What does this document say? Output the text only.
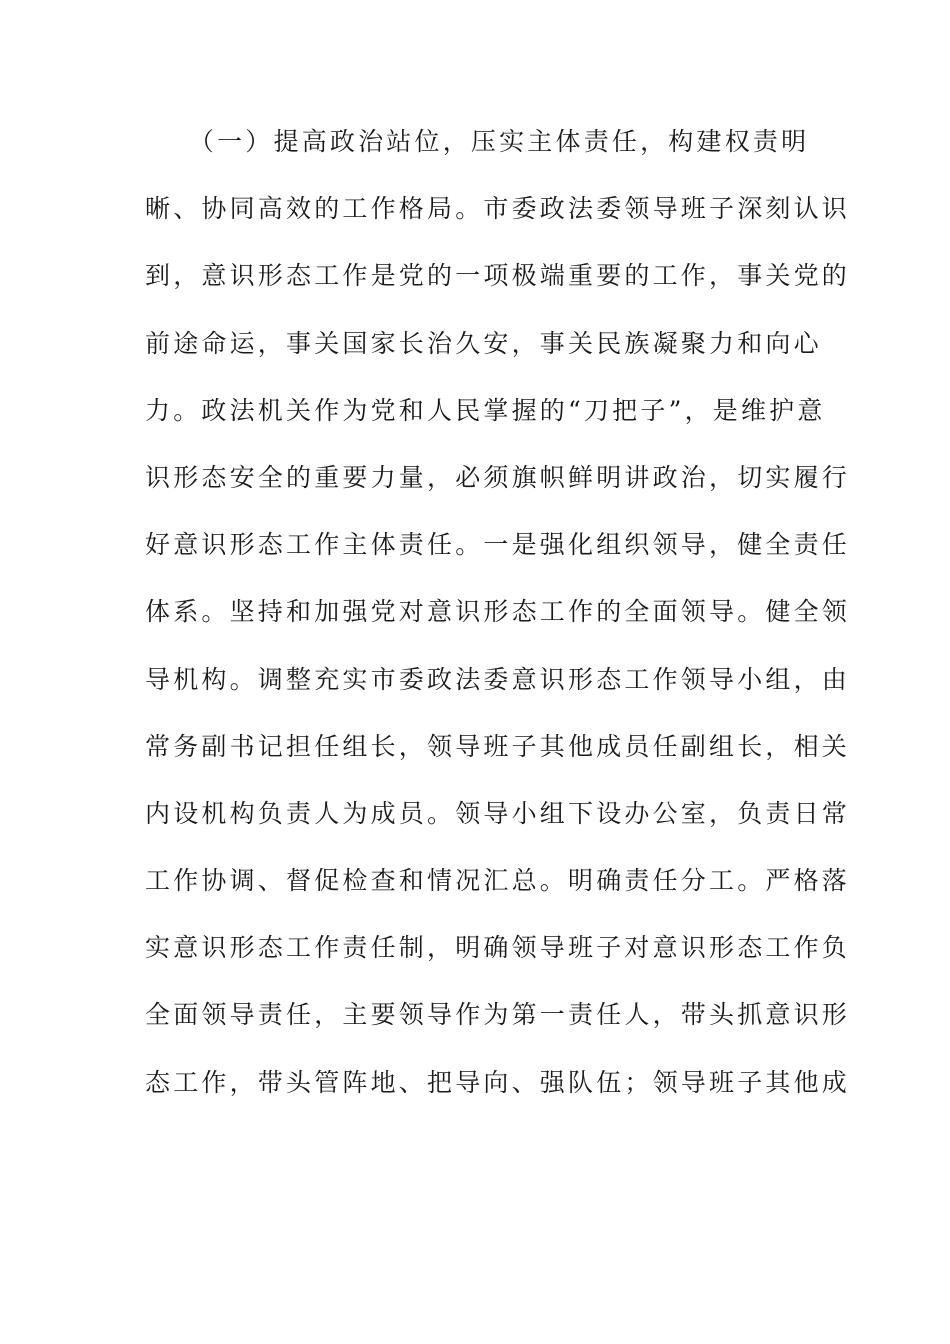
　　（一）提高政治站位，压实主体责任，构建权责明
晰、协同高效的工作格局。市委政法委领导班子深刻认识
到，意识形态工作是党的一项极端重要的工作，事关党的
前途命运，事关国家长治久安，事关民族凝聚力和向心
力。政法机关作为党和人民掌握的“刀把子”，是维护意
识形态安全的重要力量，必须旗帜鲜明讲政治，切实履行
好意识形态工作主体责任。一是强化组织领导，健全责任
体系。坚持和加强党对意识形态工作的全面领导。健全领
导机构。调整充实市委政法委意识形态工作领导小组，由
常务副书记担任组长，领导班子其他成员任副组长，相关
内设机构负责人为成员。领导小组下设办公室，负责日常
工作协调、督促检查和情况汇总。明确责任分工。严格落
实意识形态工作责任制，明确领导班子对意识形态工作负
全面领导责任，主要领导作为第一责任人，带头抓意识形
态工作，带头管阵地、把导向、强队伍；领导班子其他成
